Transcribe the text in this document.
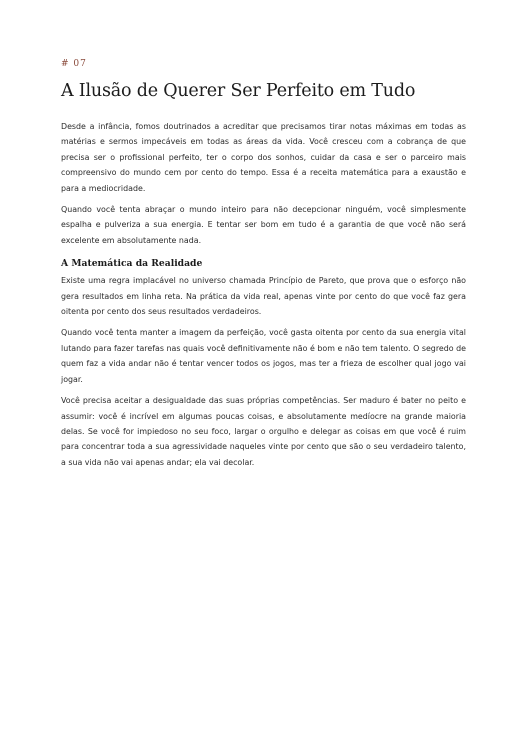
# 07
A Ilusão de Querer Ser Perfeito em Tudo

Desde a infância, fomos doutrinados a acreditar que precisamos tirar notas máximas em todas as matérias e sermos impecáveis em todas as áreas da vida. Você cresceu com a cobrança de que precisa ser o profissional perfeito, ter o corpo dos sonhos, cuidar da casa e ser o parceiro mais compreensivo do mundo cem por cento do tempo. Essa é a receita matemática para a exaustão e para a mediocridade.

Quando você tenta abraçar o mundo inteiro para não decepcionar ninguém, você simplesmente espalha e pulveriza a sua energia. E tentar ser bom em tudo é a garantia de que você não será excelente em absolutamente nada.

A Matemática da Realidade

Existe uma regra implacável no universo chamada Princípio de Pareto, que prova que o esforço não gera resultados em linha reta. Na prática da vida real, apenas vinte por cento do que você faz gera oitenta por cento dos seus resultados verdadeiros.

Quando você tenta manter a imagem da perfeição, você gasta oitenta por cento da sua energia vital lutando para fazer tarefas nas quais você definitivamente não é bom e não tem talento. O segredo de quem faz a vida andar não é tentar vencer todos os jogos, mas ter a frieza de escolher qual jogo vai jogar.

Você precisa aceitar a desigualdade das suas próprias competências. Ser maduro é bater no peito e assumir: você é incrível em algumas poucas coisas, e absolutamente medíocre na grande maioria delas. Se você for impiedoso no seu foco, largar o orgulho e delegar as coisas em que você é ruim para concentrar toda a sua agressividade naqueles vinte por cento que são o seu verdadeiro talento, a sua vida não vai apenas andar; ela vai decolar.
